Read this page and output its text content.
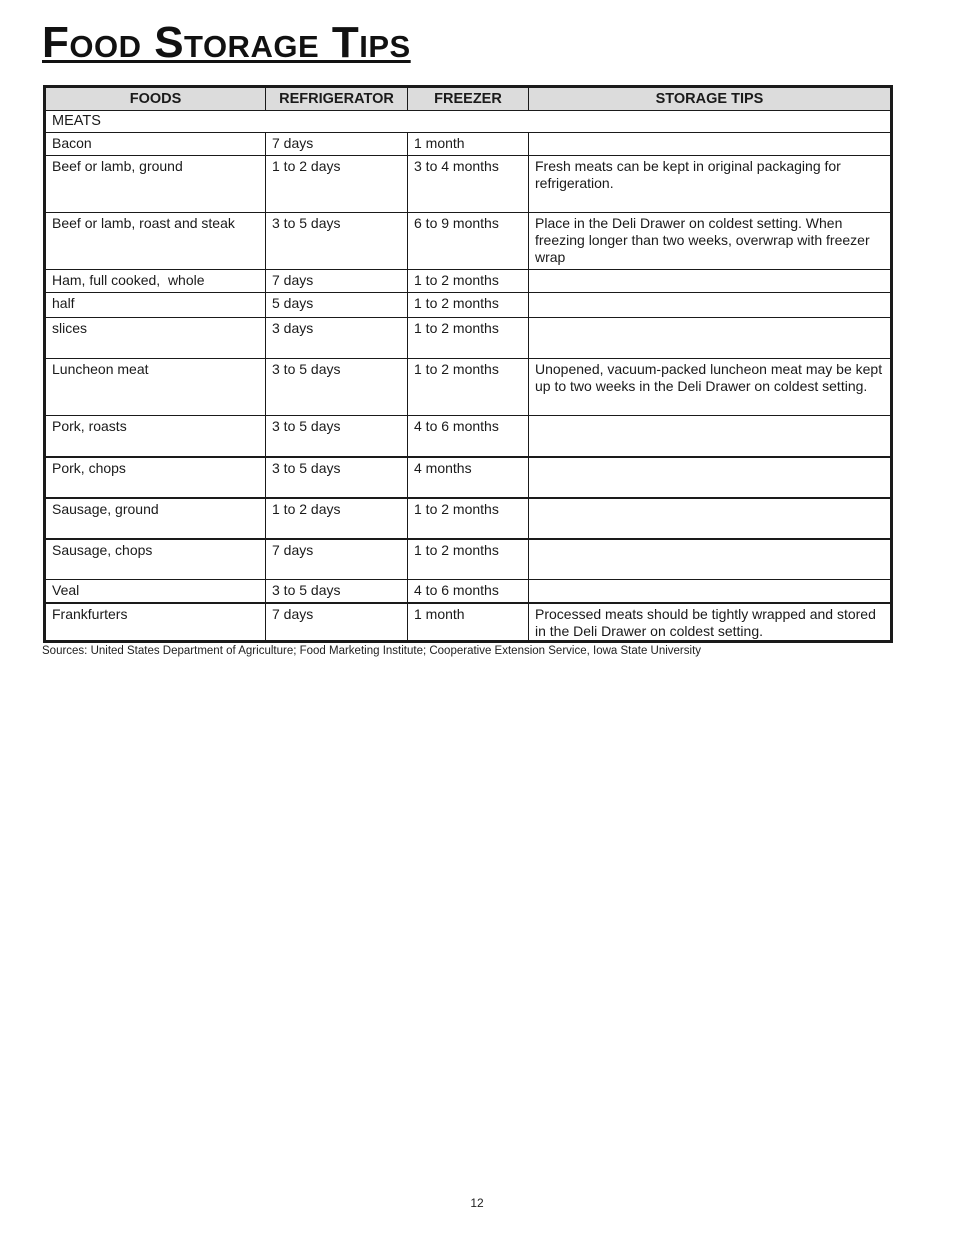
Food Storage Tips
FOODS	REFRIGERATOR	FREEZER	STORAGE TIPS
MEATS			
Bacon	7 days	1 month	
Beef or lamb, ground	1 to 2 days	3 to 4 months	Fresh meats can be kept in original packaging for refrigeration.
Beef or lamb, roast and steak	3 to 5 days	6 to 9 months	Place in the Deli Drawer on coldest setting. When freezing longer than two weeks, overwrap with freezer wrap
Ham, full cooked,  whole	7 days	1 to 2 months	
half	5 days	1 to 2 months	
slices	3 days	1 to 2 months	
Luncheon meat	3 to 5 days	1 to 2 months	Unopened, vacuum-packed luncheon meat may be kept up to two weeks in the Deli Drawer on coldest setting.
Pork, roasts	3 to 5 days	4 to 6 months	
Pork, chops	3 to 5 days	4 months	
Sausage, ground	1 to 2 days	1 to 2 months	
Sausage, chops	7 days	1 to 2 months	
Veal	3 to 5 days	4 to 6 months	
Frankfurters	7 days	1 month	Processed meats should be tightly wrapped and stored in the Deli Drawer on coldest setting.
Sources: United States Department of Agriculture; Food Marketing Institute; Cooperative Extension Service, Iowa State University
12
